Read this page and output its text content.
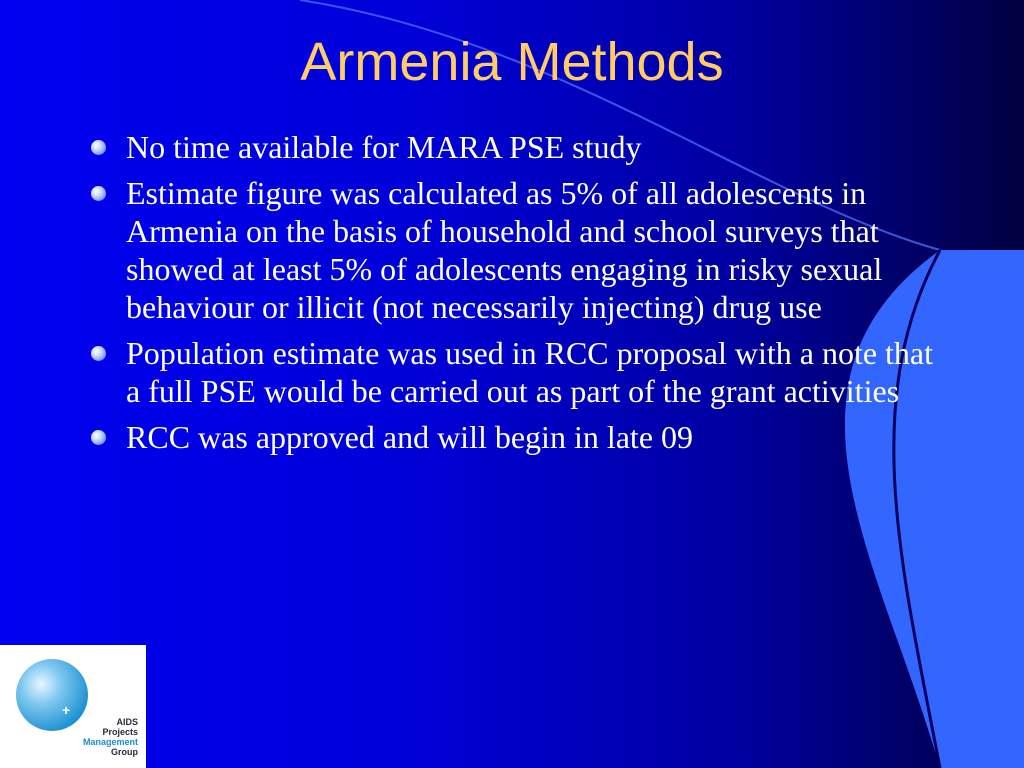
Armenia Methods
No time available for MARA PSE study
Estimate figure was calculated as 5% of all adolescents in Armenia on the basis of household and school surveys that showed at least 5% of adolescents engaging in risky sexual behaviour or illicit (not necessarily injecting) drug use
Population estimate was used in RCC proposal with a note that a full PSE would be carried out as part of the grant activities
RCC was approved and will begin in late 09
+
AIDS
Projects
Management
Group
